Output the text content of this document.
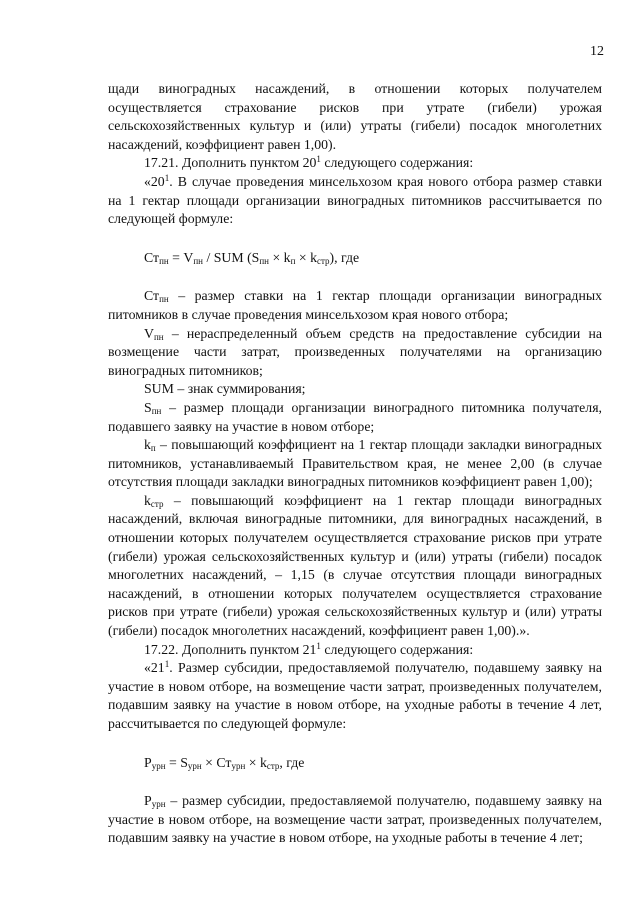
12

щади виноградных насаждений, в отношении которых получателем осуществляется страхование рисков при утрате (гибели) урожая сельскохозяйственных культур и (или) утраты (гибели) посадок многолетних насаждений, коэффициент равен 1,00).

17.21. Дополнить пунктом $20^1$ следующего содержания:

«$20^1$. В случае проведения минсельхозом края нового отбора размер ставки на 1 гектар площади организации виноградных питомников рассчитывается по следующей формуле:

$Ст_{пн} = V_{пн}$ / SUM $(S_{пн} \times k_п \times k_{стр})$, где

$Ст_{пн}$ – размер ставки на 1 гектар площади организации виноградных питомников в случае проведения минсельхозом края нового отбора;

$V_{пн}$ – нераспределенный объем средств на предоставление субсидии на возмещение части затрат, произведенных получателями на организацию виноградных питомников;

SUM – знак суммирования;

$S_{пн}$ – размер площади организации виноградного питомника получателя, подавшего заявку на участие в новом отборе;

$k_п$ – повышающий коэффициент на 1 гектар площади закладки виноградных питомников, устанавливаемый Правительством края, не менее 2,00 (в случае отсутствия площади закладки виноградных питомников коэффициент равен 1,00);

$k_{стр}$ – повышающий коэффициент на 1 гектар площади виноградных насаждений, включая виноградные питомники, для виноградных насаждений, в отношении которых получателем осуществляется страхование рисков при утрате (гибели) урожая сельскохозяйственных культур и (или) утраты (гибели) посадок многолетних насаждений, – 1,15 (в случае отсутствия площади виноградных насаждений, в отношении которых получателем осуществляется страхование рисков при утрате (гибели) урожая сельскохозяйственных культур и (или) утраты (гибели) посадок многолетних насаждений, коэффициент равен 1,00).».

17.22. Дополнить пунктом $21^1$ следующего содержания:

«$21^1$. Размер субсидии, предоставляемой получателю, подавшему заявку на участие в новом отборе, на возмещение части затрат, произведенных получателем, подавшим заявку на участие в новом отборе, на уходные работы в течение 4 лет, рассчитывается по следующей формуле:

$Р_{урн} = S_{урн} \times Ст_{урн} \times k_{стр}$, где

$Р_{урн}$ – размер субсидии, предоставляемой получателю, подавшему заявку на участие в новом отборе, на возмещение части затрат, произведенных получателем, подавшим заявку на участие в новом отборе, на уходные работы в течение 4 лет;
